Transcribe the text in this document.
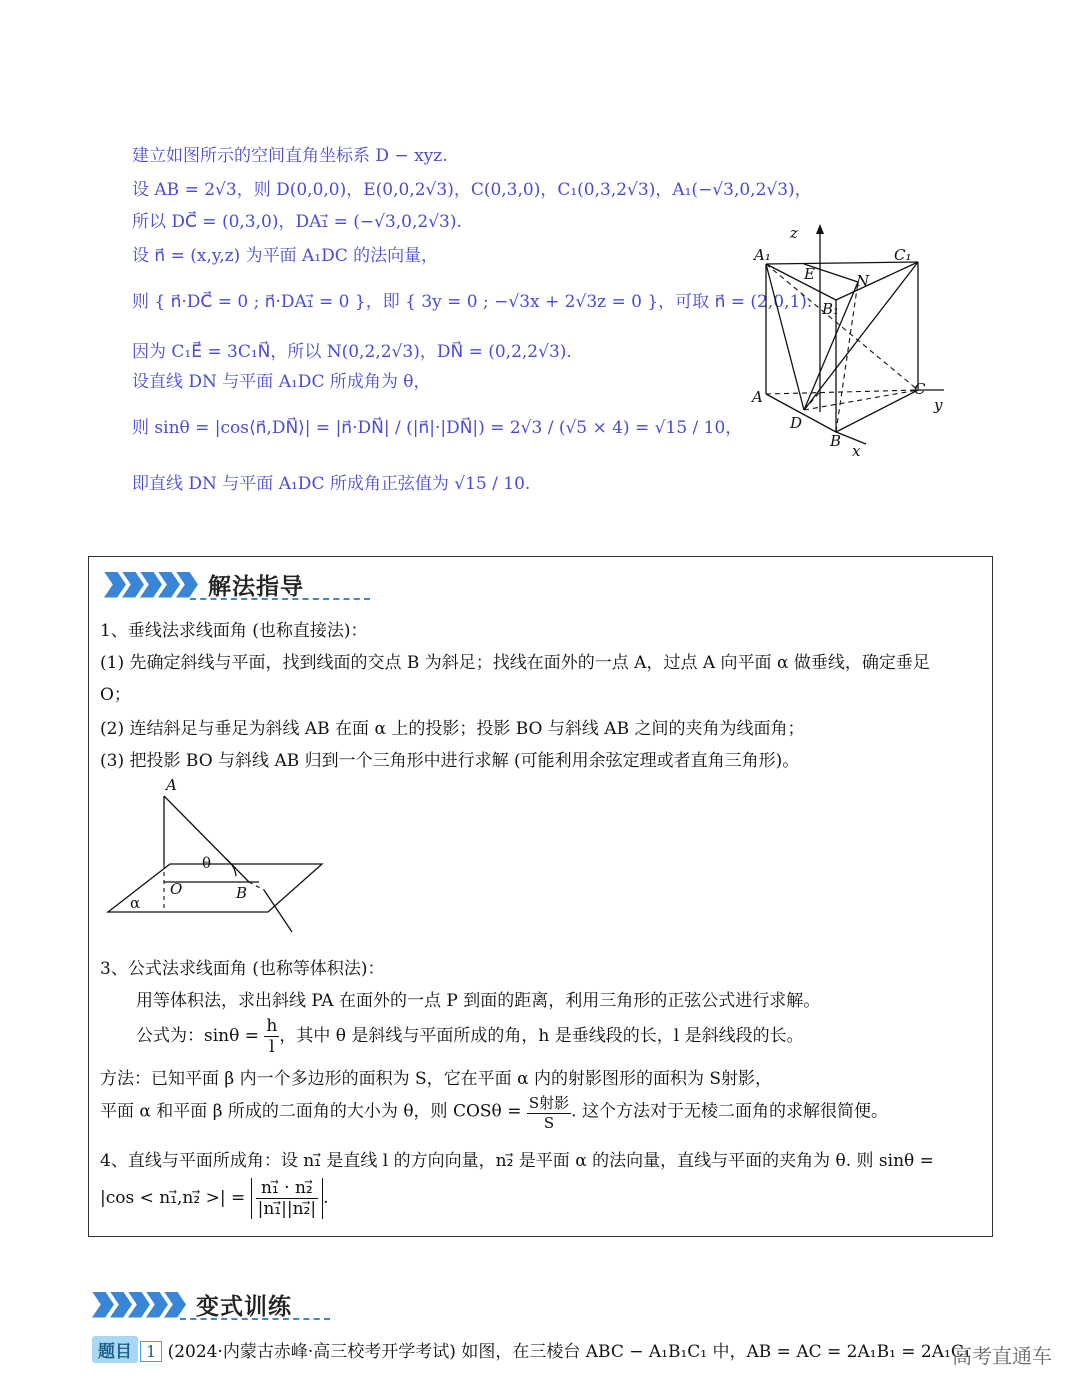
建立如图所示的空间直角坐标系 D − xyz.
设 AB = 2√3，则 D(0,0,0)，E(0,0,2√3)，C(0,3,0)，C₁(0,3,2√3)，A₁(−√3,0,2√3)，
所以 DC⃗ = (0,3,0)，DA₁⃗ = (−√3,0,2√3).
设 n⃗ = (x,y,z) 为平面 A₁DC 的法向量，
则 { n⃗·DC⃗ = 0 ; n⃗·DA₁⃗ = 0 }，即 { 3y = 0 ; −√3x + 2√3z = 0 }，可取 n⃗ = (2,0,1).
因为 C₁E⃗ = 3C₁N⃗，所以 N(0,2,2√3)，DN⃗ = (0,2,2√3).
设直线 DN 与平面 A₁DC 所成角为 θ，
则 sinθ = |cos⟨n⃗,DN⃗⟩| = |n⃗·DN⃗| / (|n⃗|·|DN⃗|) = 2√3 / (√5 × 4) = √15 / 10，
即直线 DN 与平面 A₁DC 所成角正弦值为 √15 / 10.
z
A₁	C₁
E	N
B₁
A	C
y
D
B
x
解法指导
1、垂线法求线面角 (也称直接法)：
(1) 先确定斜线与平面，找到线面的交点 B 为斜足；找线在面外的一点 A，过点 A 向平面 α 做垂线，确定垂足
O；
(2) 连结斜足与垂足为斜线 AB 在面 α 上的投影；投影 BO 与斜线 AB 之间的夹角为线面角；
(3) 把投影 BO 与斜线 AB 归到一个三角形中进行求解 (可能利用余弦定理或者直角三角形)。
A
θ
O	B
α
3、公式法求线面角 (也称等体积法)：
用等体积法，求出斜线 PA 在面外的一点 P 到面的距离，利用三角形的正弦公式进行求解。
公式为：$\sin\theta = \frac{h}{l}$ ，其中 θ 是斜线与平面所成的角，h 是垂线段的长，l 是斜线段的长。
方法：已知平面 β 内一个多边形的面积为 S，它在平面 α 内的射影图形的面积为 S射影，
平面 α 和平面 β 所成的二面角的大小为 θ，则 $COS\theta = \frac{\text{S射影}}{S}$ . 这个方法对于无棱二面角的求解很简便。
4、直线与平面所成角：设 n₁⃗ 是直线 l 的方向向量，n₂⃗ 是平面 α 的法向量，直线与平面的夹角为 θ. 则 sinθ =
|cos < n₁⃗,n₂⃗ >| = $\frac{\text{n₁⃗ · n₂⃗}}{\text{|n₁⃗||n₂⃗|}}$ .
变式训练
题目 1 (2024·内蒙古赤峰·高三校考开学考试) 如图，在三棱台 ABC − A₁B₁C₁ 中，AB = AC = 2A₁B₁ = 2A₁C₁
高考直通车
